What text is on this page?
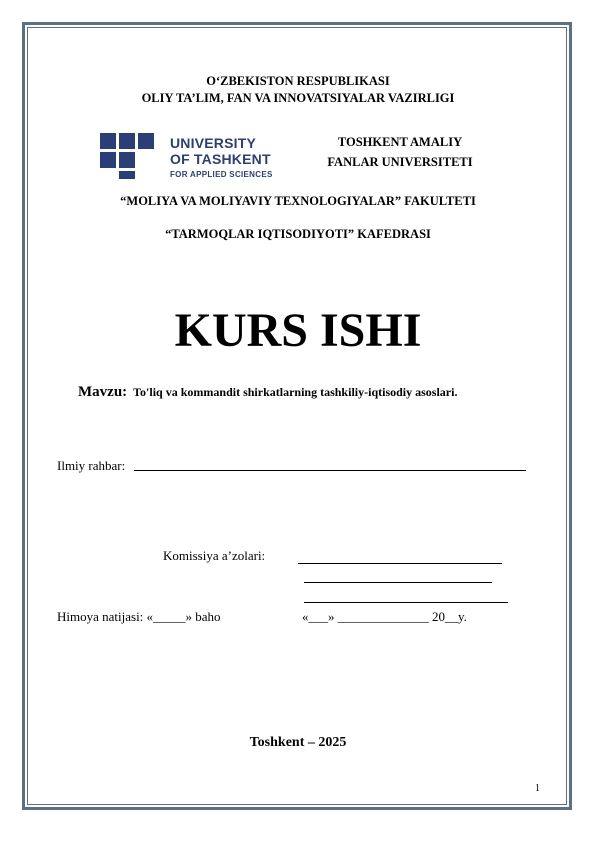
O‘ZBEKISTON RESPUBLIKASI
OLIY TA’LIM, FAN VA INNOVATSIYALAR VAZIRLIGI
UNIVERSITY
OF TASHKENT
FOR APPLIED SCIENCES
TOSHKENT AMALIY
FANLAR UNIVERSITETI
“MOLIYA VA MOLIYAVIY TEXNOLOGIYALAR” FAKULTETI
“TARMOQLAR IQTISODIYOTI” KAFEDRASI
KURS ISHI
Mavzu: To'liq va kommandit shirkatlarning tashkiliy-iqtisodiy asoslari.
Ilmiy rahbar:
Komissiya a’zolari:
Himoya natijasi: «_____» baho	«___» ______________ 20__y.
Toshkent – 2025
1
